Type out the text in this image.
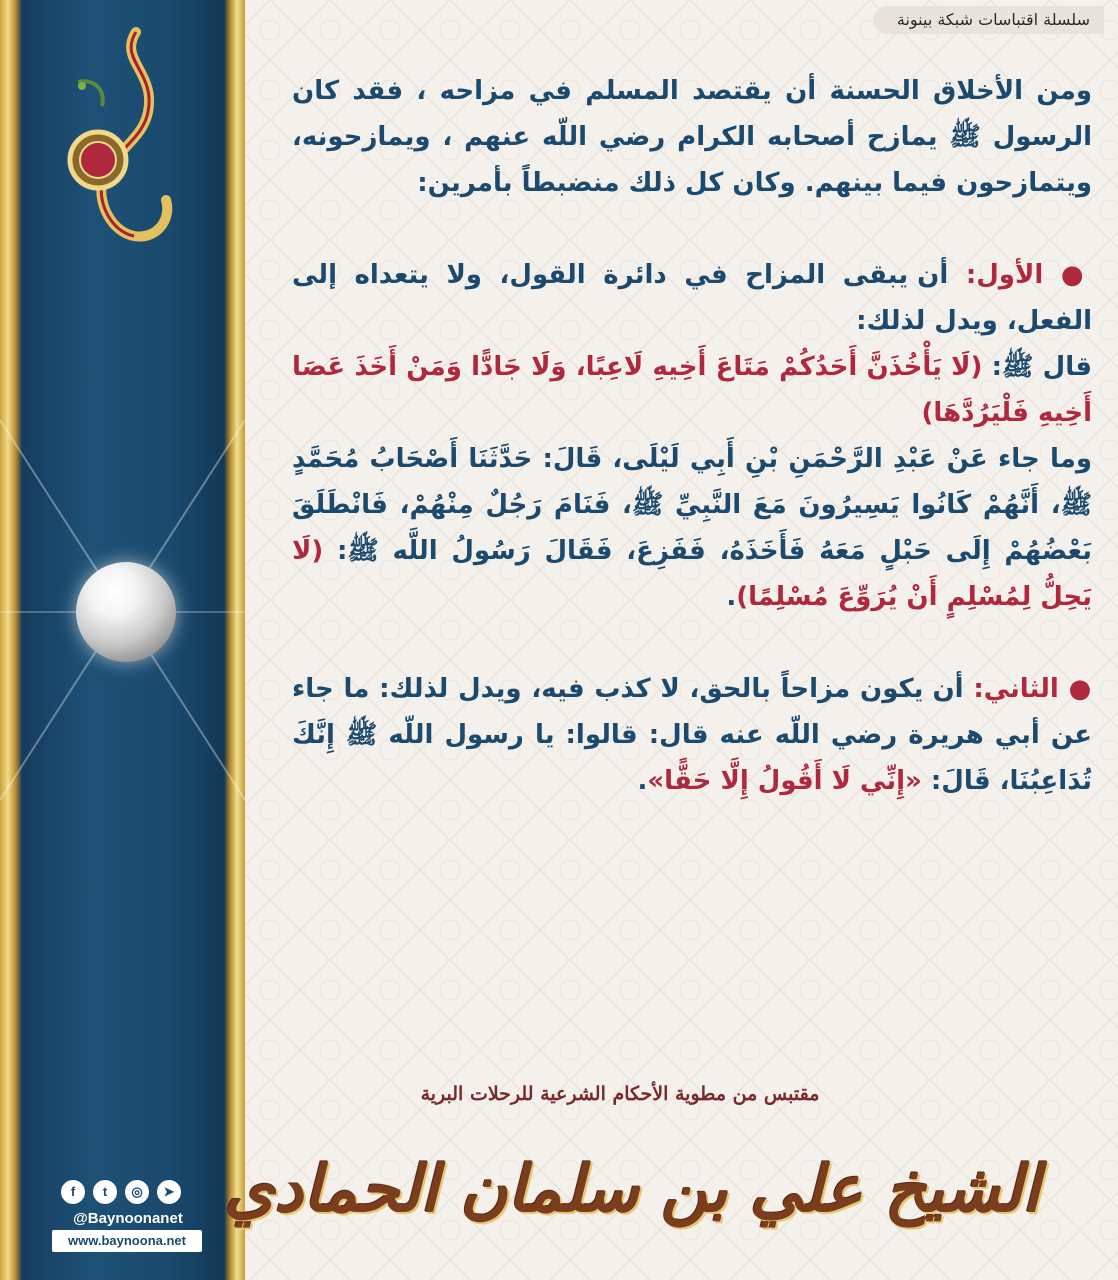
سلسلة اقتباسات شبكة بينونة

ومن الأخلاق الحسنة أن يقتصد المسلم في مزاحه ، فقد كان الرسول ﷺ يمازح أصحابه الكرام رضي اللّه عنهم ، ويمازحونه، ويتمازحون فيما بينهم. وكان كل ذلك منضبطاً بأمرين:

● الأول: أن يبقى المزاح في دائرة القول، ولا يتعداه إلى الفعل، ويدل لذلك:

قال ﷺ: (لَا يَأْخُذَنَّ أَحَدُكُمْ مَتَاعَ أَخِيهِ لَاعِبًا، وَلَا جَادًّا وَمَنْ أَخَذَ عَصَا أَخِيهِ فَلْيَرُدَّهَا)

وما جاء عَنْ عَبْدِ الرَّحْمَنِ بْنِ أَبِي لَيْلَى، قَالَ: حَدَّثَنَا أَصْحَابُ مُحَمَّدٍ ﷺ، أَنَّهُمْ كَانُوا يَسِيرُونَ مَعَ النَّبِيِّ ﷺ، فَنَامَ رَجُلٌ مِنْهُمْ، فَانْطَلَقَ بَعْضُهُمْ إِلَى حَبْلٍ مَعَهُ فَأَخَذَهُ، فَفَزِعَ، فَقَالَ رَسُولُ اللَّه ﷺ: (لَا يَحِلُّ لِمُسْلِمٍ أَنْ يُرَوِّعَ مُسْلِمًا).

● الثاني: أن يكون مزاحاً بالحق، لا كذب فيه، ويدل لذلك: ما جاء عن أبي هريرة رضي اللّه عنه قال: قالوا: يا رسول اللّه ﷺ إِنَّكَ تُدَاعِبُنَا، قَالَ: «إِنِّي لَا أَقُولُ إِلَّا حَقًّا».

مقتبس من مطوية الأحكام الشرعية للرحلات البرية
الشيخ علي بن سلمان الحمادي
f	t	◎	➤
@Baynoonanet
www.baynoona.net
